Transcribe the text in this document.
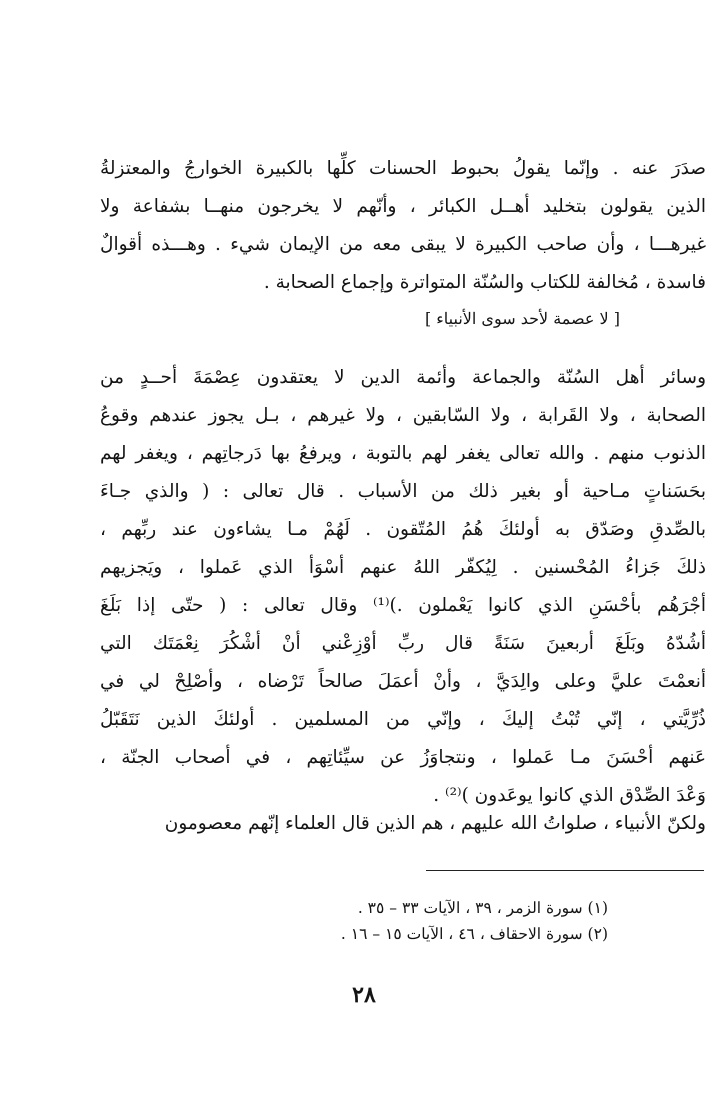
َصدَرَ عنه . وإنّما يقولُ بحبوط الحسنات كلِّها بالكبيرة الخوارجُ والمعتزلةُ
الذين يقولون بتخليد أهــل الكبائر ، وأنّهم لا يخرجون منهــا بشفاعة ولا
غيرهـــا ، وأن صاحب الكبيرة لا يبقى معه من الإيمان شيء . وهـــذه أقوالٌ
فاسدة ، مُخالفة للكتاب والسُنّة المتواترة وإجماع الصحابة .
[ لا عصمة لأحد سوى الأنبياء ]
وسائر أهل السُنّة والجماعة وأئمة الدين لا يعتقدون عِصْمَةَ أحــدٍ من
الصحابة ، ولا القَرابة ، ولا السّابقين ، ولا غيرهم ، بـل يجوز عندهم وقوعُ
الذنوب منهم . والله تعالى يغفر لهم بالتوبة ، ويرفعُ بها دَرجاتِهم ، ويغفر لهم
بحَسَناتٍ مـاحية أو بغير ذلك من الأسباب . قال تعالى : ( والذي جـاءَ
بالصِّدقِ وصَدّق به أولئكَ هُمُ المُتّقون . لَهُمْ مـا يشاءون عند ربِّهم ،
ذلكَ جَزاءُ المُحْسنين . لِيُكفّر اللهُ عنهم أسْوَأ الذي عَملوا ، ويَجزيهم
أجْرَهُم بأحْسَنِ الذي كانوا يَعْملون .)⁽¹⁾ وقال تعالى : ( حتّى إذا بَلَغَ
أشُدّهُ وبَلَغَ أربعينَ سَنَةً قال ربِّ أوْزِعْني أنْ أشْكُرَ نِعْمَتَك التي
أنعمْتَ عليَّ وعلى والِدَيَّ ، وأنْ أعمَلَ صالحاً تَرْضاه ، وأصْلِحْ لي في
ذُرِّيَّتي ، إنّي تُبْتُ إليكَ ، وإنّي من المسلمين . أولئكَ الذين نَتَقَبّلُ
عَنهم أحْسَنَ مـا عَملوا ، ونتجاوَزُ عن سيِّئاتِهم ، في أصحاب الجنّة ،
وَعْدَ الصِّدْق الذي كانوا يوعَدون )⁽²⁾ .
ولكنّ الأنبياء ، صلواتُ الله عليهم ، هم الذين قال العلماء إنّهم معصومون
(١) سورة الزمر ، ٣٩ ، الآيات ٣٣ – ٣٥ .
(٢) سورة الاحقاف ، ٤٦ ، الآيات ١٥ – ١٦ .
٢٨
